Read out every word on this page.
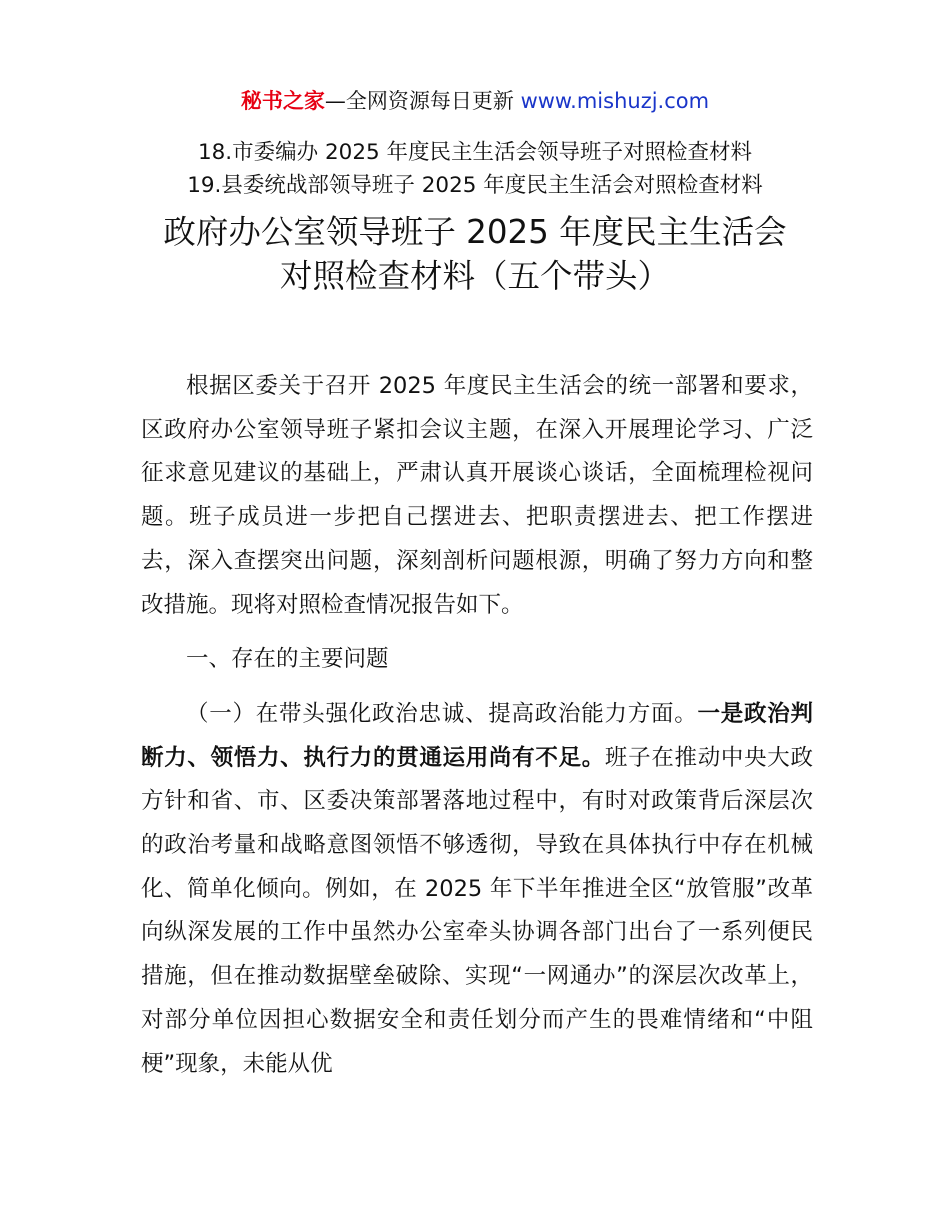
秘书之家—全网资源每日更新 www.mishuzj.com
18.市委编办 2025 年度民主生活会领导班子对照检查材料
19.县委统战部领导班子 2025 年度民主生活会对照检查材料
政府办公室领导班子 2025 年度民主生活会
对照检查材料（五个带头）

根据区委关于召开 2025 年度民主生活会的统一部署和要求，区政府办公室领导班子紧扣会议主题，在深入开展理论学习、广泛征求意见建议的基础上，严肃认真开展谈心谈话，全面梳理检视问题。班子成员进一步把自己摆进去、把职责摆进去、把工作摆进去，深入查摆突出问题，深刻剖析问题根源，明确了努力方向和整改措施。现将对照检查情况报告如下。

一、存在的主要问题

（一）在带头强化政治忠诚、提高政治能力方面。一是政治判断力、领悟力、执行力的贯通运用尚有不足。班子在推动中央大政方针和省、市、区委决策部署落地过程中，有时对政策背后深层次的政治考量和战略意图领悟不够透彻，导致在具体执行中存在机械化、简单化倾向。例如，在 2025 年下半年推进全区“放管服”改革向纵深发展的工作中虽然办公室牵头协调各部门出台了一系列便民措施，但在推动数据壁垒破除、实现“一网通办”的深层次改革上，对部分单位因担心数据安全和责任划分而产生的畏难情绪和“中阻梗”现象，未能从优
